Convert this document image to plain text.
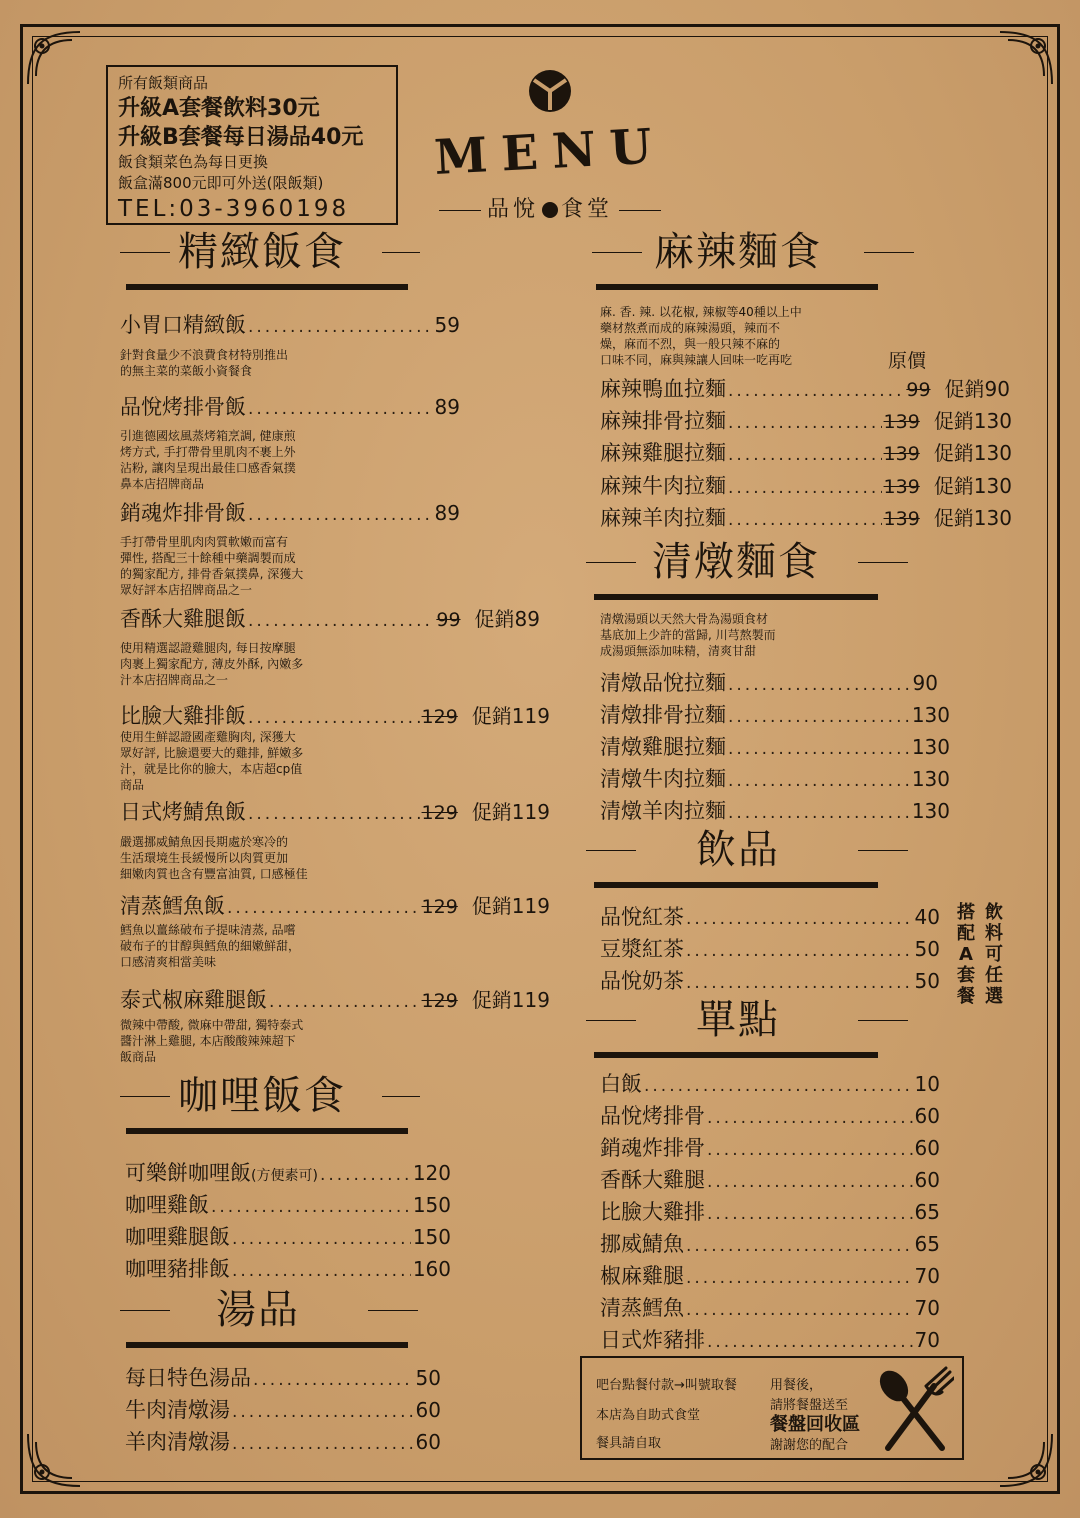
所有飯類商品
升級A套餐飲料30元
升級B套餐每日湯品40元
飯食類菜色為每日更換
飯盒滿800元即可外送(限飯類)
TEL:03-3960198
MENU
品悅 食堂
精緻飯食
小胃口精緻飯 .....	59
針對食量少不浪費食材特別推出
的無主菜的菜飯小資餐食
品悅烤排骨飯 .....	89
引進德國炫風蒸烤箱烹調, 健康煎
烤方式, 手打帶骨里肌肉不裹上外
沾粉, 讓肉呈現出最佳口感香氣撲
鼻本店招牌商品
銷魂炸排骨飯 .....	89
手打帶骨里肌肉肉質軟嫩而富有
彈性, 搭配三十餘種中藥調製而成
的獨家配方, 排骨香氣撲鼻, 深獲大
眾好評本店招牌商品之一
香酥大雞腿飯 .....	99 促銷89
使用精選認證雞腿肉, 每日按摩腿
肉裹上獨家配方, 薄皮外酥, 內嫩多
汁本店招牌商品之一
比臉大雞排飯 .....	129 促銷119
使用生鮮認證國產雞胸肉, 深獲大
眾好評, 比臉還要大的雞排, 鮮嫩多
汁，就是比你的臉大，本店超cp值
商品
日式烤鯖魚飯 .....	129 促銷119
嚴選挪威鯖魚因長期處於寒冷的
生活環境生長緩慢所以肉質更加
細嫩肉質也含有豐富油質, 口感極佳
清蒸鱈魚飯 .....	129 促銷119
鱈魚以薑絲破布子提味清蒸, 品嚐
破布子的甘醇與鱈魚的細嫩鮮甜，
口感清爽相當美味
泰式椒麻雞腿飯 .....	129 促銷119
微辣中帶酸, 微麻中帶甜, 獨特泰式
醬汁淋上雞腿, 本店酸酸辣辣超下
飯商品
咖哩飯食
可樂餅咖哩飯(方便素可) .....	120
咖哩雞飯 .....	150
咖哩雞腿飯 .....	150
咖哩豬排飯 .....	160
湯品
每日特色湯品 .....	50
牛肉清燉湯 .....	60
羊肉清燉湯 .....	60
麻辣麵食
麻. 香. 辣. 以花椒, 辣椒等40種以上中
藥材熬煮而成的麻辣湯頭，辣而不
燥，麻而不烈，與一般只辣不麻的
口味不同，麻與辣讓人回味一吃再吃	原價
麻辣鴨血拉麵 .....	99 促銷90
麻辣排骨拉麵 .....	139 促銷130
麻辣雞腿拉麵 .....	139 促銷130
麻辣牛肉拉麵 .....	139 促銷130
麻辣羊肉拉麵 .....	139 促銷130
清燉麵食
清燉湯頭以天然大骨為湯頭食材
基底加上少許的當歸, 川芎熬製而
成湯頭無添加味精，清爽甘甜
清燉品悅拉麵 .....	90
清燉排骨拉麵 .....	130
清燉雞腿拉麵 .....	130
清燉牛肉拉麵 .....	130
清燉羊肉拉麵 .....	130
飲品
品悅紅茶 .....	40
豆漿紅茶 .....	50
品悅奶茶 .....	50
飲料可任選
搭配A套餐
單點
白飯 .....	10
品悅烤排骨 .....	60
銷魂炸排骨 .....	60
香酥大雞腿 .....	60
比臉大雞排 .....	65
挪威鯖魚 .....	65
椒麻雞腿 .....	70
清蒸鱈魚 .....	70
日式炸豬排 .....	70
吧台點餐付款→叫號取餐
本店為自助式食堂
餐具請自取
用餐後，
請將餐盤送至
餐盤回收區
謝謝您的配合
